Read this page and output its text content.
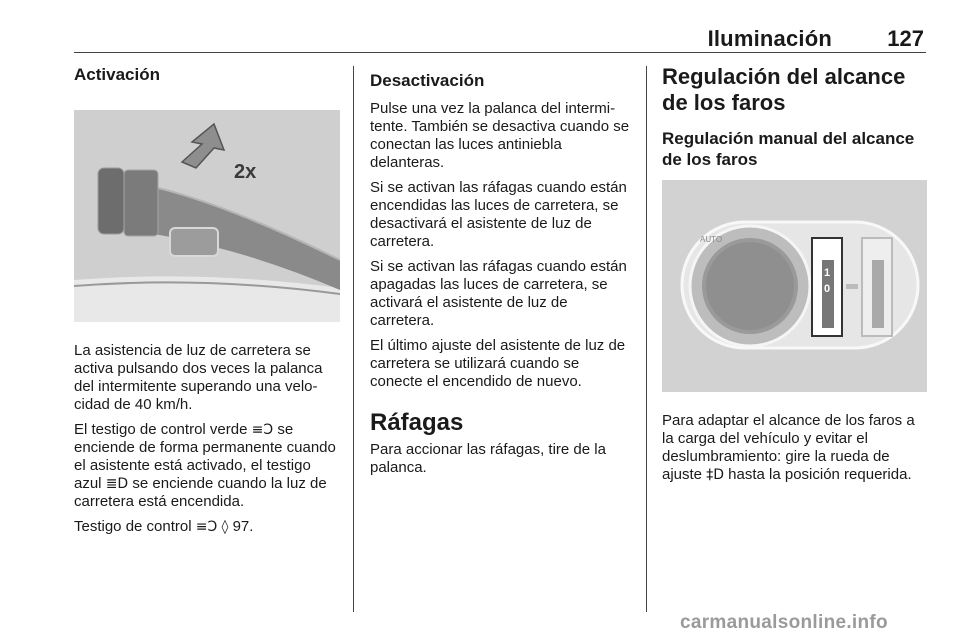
Iluminación	127
Activación
2x

La asistencia de luz de carretera se activa pulsando dos veces la palanca del intermitente superando una velocidad de 40 km/h.

El testigo de control verde ≡Ͻ se enciende de forma permanente cuando el asistente está activado, el testigo azul ≣D se enciende cuando la luz de carretera está encendida.

Testigo de control ≡Ͻ ◊ 97.

Desactivación

Pulse una vez la palanca del intermitente. También se desactiva cuando se conectan las luces antiniebla delanteras.

Si se activan las ráfagas cuando están encendidas las luces de carretera, se desactivará el asistente de luz de carretera.

Si se activan las ráfagas cuando están apagadas las luces de carretera, se activará el asistente de luz de carretera.

El último ajuste del asistente de luz de carretera se utilizará cuando se conecte el encendido de nuevo.

Ráfagas

Para accionar las ráfagas, tire de la palanca.

Regulación del alcance de los faros
Regulación manual del alcance de los faros
AUTO
1
0

Para adaptar el alcance de los faros a la carga del vehículo y evitar el deslumbramiento: gire la rueda de ajuste ‡D hasta la posición requerida.

carmanualsonline.info
